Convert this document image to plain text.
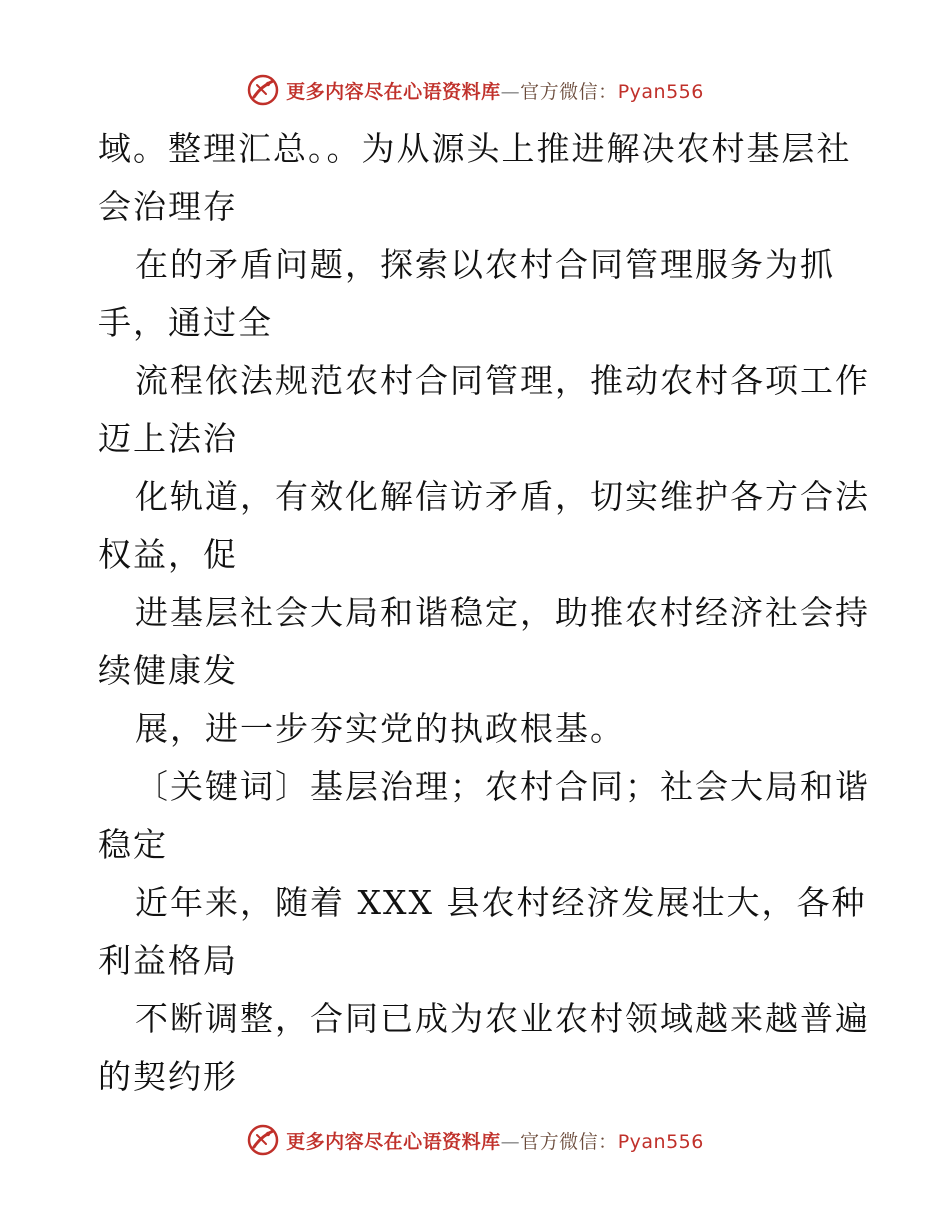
更多内容尽在心语资料库—官方微信：Pyan556
域。整理汇总。。为从源头上推进解决农村基层社
会治理存
在的矛盾问题，探索以农村合同管理服务为抓
手，通过全
流程依法规范农村合同管理，推动农村各项工作
迈上法治
化轨道，有效化解信访矛盾，切实维护各方合法
权益，促
进基层社会大局和谐稳定，助推农村经济社会持
续健康发
展，进一步夯实党的执政根基。
〔关键词〕基层治理；农村合同；社会大局和谐
稳定
近年来，随着 XXX 县农村经济发展壮大，各种
利益格局
不断调整，合同已成为农业农村领域越来越普遍
的契约形
更多内容尽在心语资料库—官方微信：Pyan556
